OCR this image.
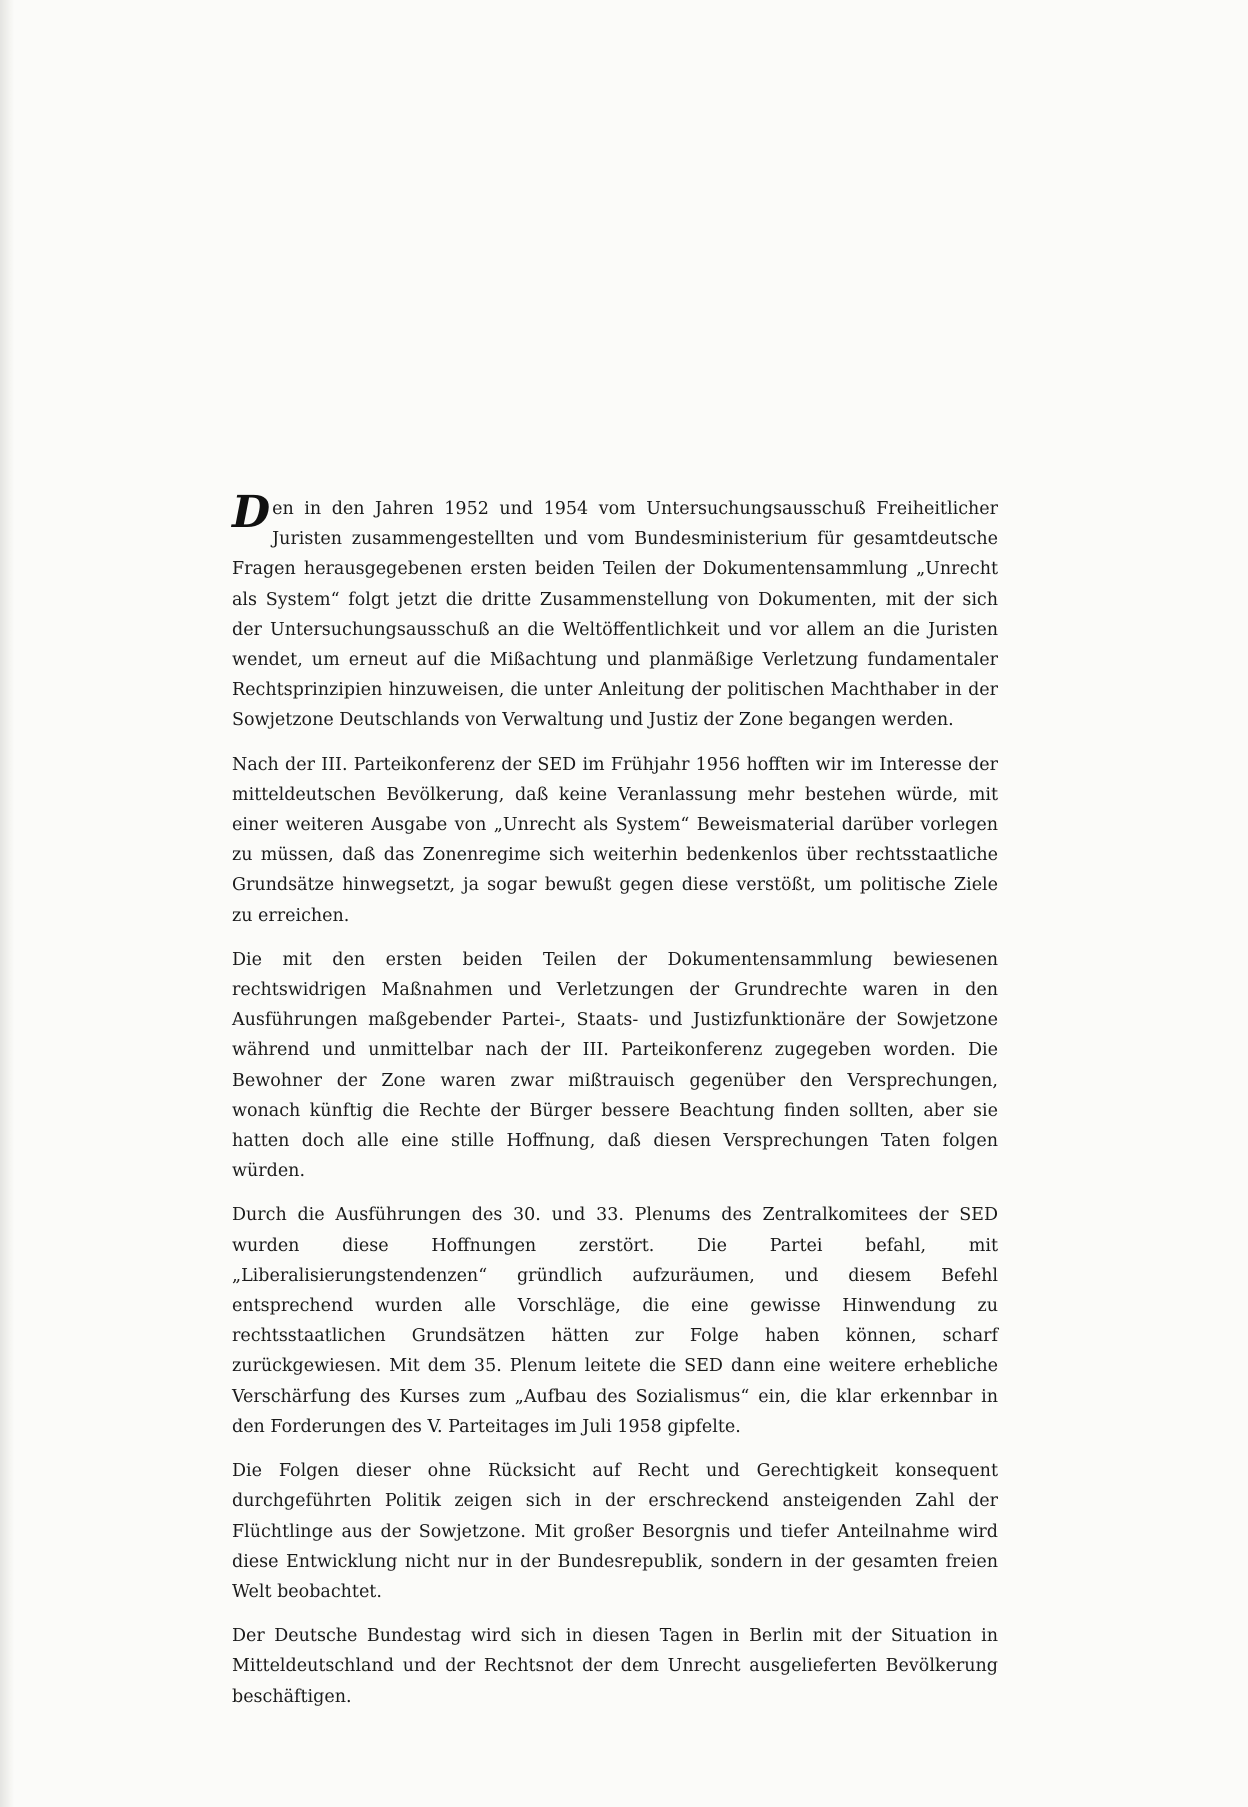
Den in den Jahren 1952 und 1954 vom Untersuchungsausschuß Freiheitlicher Juristen zusammengestellten und vom Bundesministerium für gesamtdeutsche Fragen herausgegebenen ersten beiden Teilen der Dokumentensammlung „Unrecht als System“ folgt jetzt die dritte Zusammenstellung von Dokumenten, mit der sich der Untersuchungsausschuß an die Weltöffentlichkeit und vor allem an die Juristen wendet, um erneut auf die Mißachtung und planmäßige Verletzung fundamentaler Rechtsprinzipien hinzuweisen, die unter Anleitung der politischen Machthaber in der Sowjetzone Deutschlands von Verwaltung und Justiz der Zone begangen werden.

Nach der III. Parteikonferenz der SED im Frühjahr 1956 hofften wir im Interesse der mitteldeutschen Bevölkerung, daß keine Veranlassung mehr bestehen würde, mit einer weiteren Ausgabe von „Unrecht als System“ Beweismaterial darüber vorlegen zu müssen, daß das Zonenregime sich weiterhin bedenkenlos über rechtsstaatliche Grundsätze hinwegsetzt, ja sogar bewußt gegen diese verstößt, um politische Ziele zu erreichen.

Die mit den ersten beiden Teilen der Dokumentensammlung bewiesenen rechtswidrigen Maßnahmen und Verletzungen der Grundrechte waren in den Ausführungen maßgebender Partei-, Staats- und Justizfunktionäre der Sowjetzone während und unmittelbar nach der III. Parteikonferenz zugegeben worden. Die Bewohner der Zone waren zwar mißtrauisch gegenüber den Versprechungen, wonach künftig die Rechte der Bürger bessere Beachtung finden sollten, aber sie hatten doch alle eine stille Hoffnung, daß diesen Versprechungen Taten folgen würden.

Durch die Ausführungen des 30. und 33. Plenums des Zentralkomitees der SED wurden diese Hoffnungen zerstört. Die Partei befahl, mit „Liberalisierungstendenzen“ gründlich aufzuräumen, und diesem Befehl entsprechend wurden alle Vorschläge, die eine gewisse Hinwendung zu rechtsstaatlichen Grundsätzen hätten zur Folge haben können, scharf zurückgewiesen. Mit dem 35. Plenum leitete die SED dann eine weitere erhebliche Verschärfung des Kurses zum „Aufbau des Sozialismus“ ein, die klar erkennbar in den Forderungen des V. Parteitages im Juli 1958 gipfelte.

Die Folgen dieser ohne Rücksicht auf Recht und Gerechtigkeit konsequent durchgeführten Politik zeigen sich in der erschreckend ansteigenden Zahl der Flüchtlinge aus der Sowjetzone. Mit großer Besorgnis und tiefer Anteilnahme wird diese Entwicklung nicht nur in der Bundesrepublik, sondern in der gesamten freien Welt beobachtet.

Der Deutsche Bundestag wird sich in diesen Tagen in Berlin mit der Situation in Mitteldeutschland und der Rechtsnot der dem Unrecht ausgelieferten Bevölkerung beschäftigen.
